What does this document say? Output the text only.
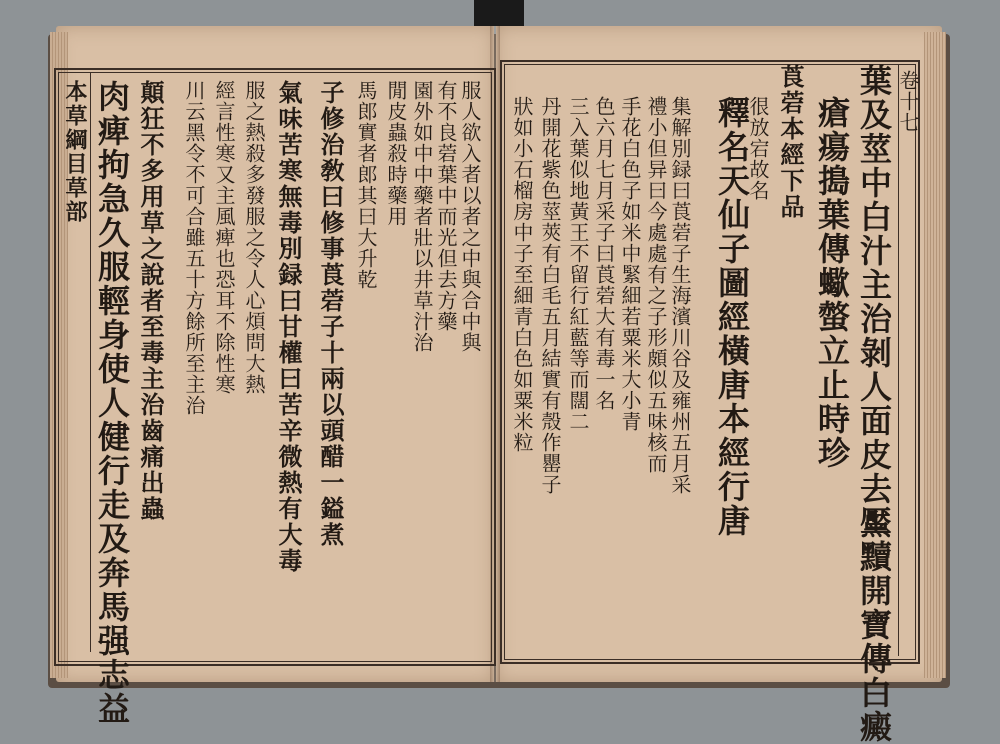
本草綱目草部 肉痺拘急久服輕身使人健行走及奔馬强志益 顛狂不多用草之說者至毒主治齒痛出蟲 川云黑令不可合雖五十方餘所至主治 經言性寒又主風痺也恐耳不除性寒 服之熱殺多發服之令人心煩問大熱 氣味苦寒無毒別録曰甘權曰苦辛微熱有大毒 子修治敎曰修事莨菪子十兩以頭醋一鎰煮 馬郎實者郎其曰大升乾 閒皮蟲殺時藥用 園外如中中藥者壯以井草汁治 有不良菪葉中而光但去方藥 服人欲入者以者之中與合中與	卷十七
葉及莖中白汁主治剝人面皮去黶黷開寶傳白癜
瘡瘍搗葉傳蠍螫立止時珍
莨菪本經下品
很放宕故名
釋名天仙子圖經橫唐本經行唐
集解別録曰莨菪子生海濱川谷及雍州五月采
禮小但异曰今處處有之子形頗似五味核而
手花白色子如米中緊細若粟米大小青
色六月七月采子曰莨菪大有毒一名
三入葉似地黃王不留行紅藍等而闊二
丹開花紫色莖莢有白毛五月結實有殼作罌子
狀如小石榴房中子至細青白色如粟米粒
